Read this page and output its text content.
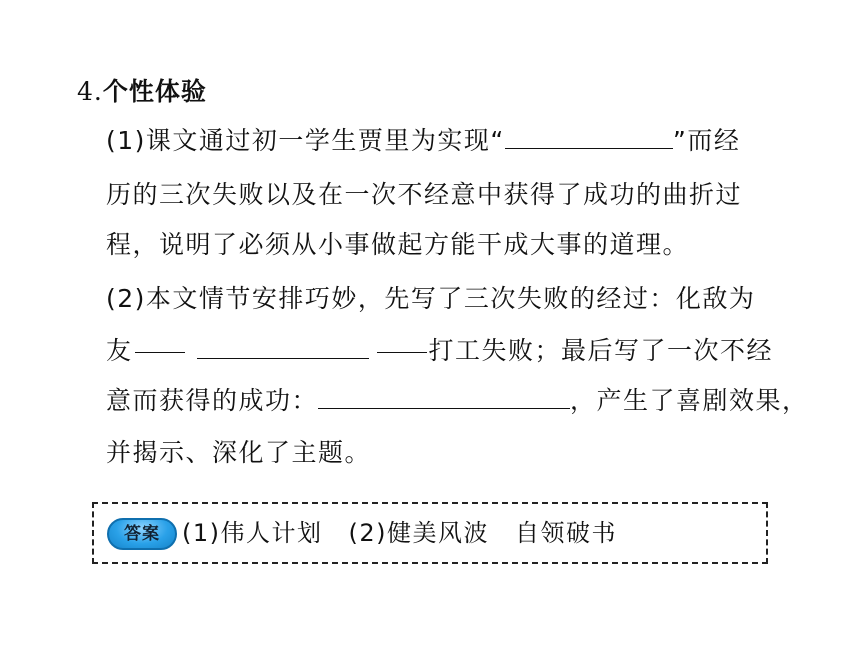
4.个性体验
(1)课文通过初一学生贾里为实现“	”而经
历的三次失败以及在一次不经意中获得了成功的曲折过
程，说明了必须从小事做起方能干成大事的道理。
(2)本文情节安排巧妙，先写了三次失败的经过：化敌为
友	打工失败；最后写了一次不经
意而获得的成功：	，产生了喜剧效果，
并揭示、深化了主题。
答案 (1)伟人计划 (2)健美风波 自领破书
